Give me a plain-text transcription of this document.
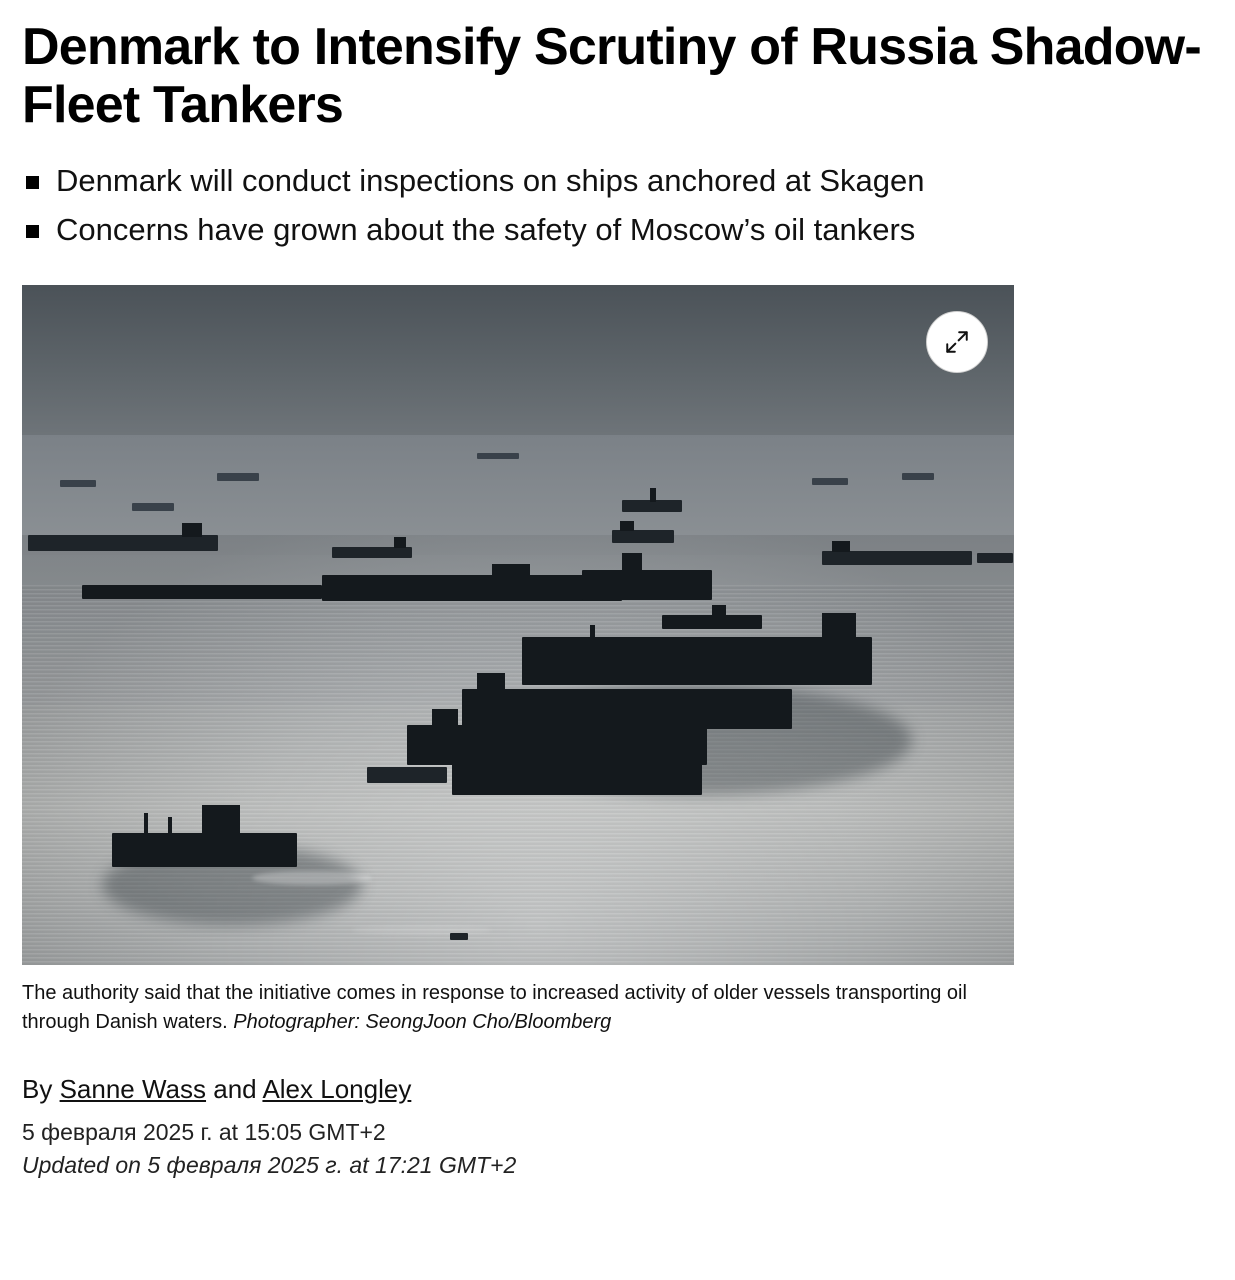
Denmark to Intensify Scrutiny of Russia Shadow-Fleet Tankers
Denmark will conduct inspections on ships anchored at Skagen
Concerns have grown about the safety of Moscow’s oil tankers
The authority said that the initiative comes in response to increased activity of older vessels transporting oil through Danish waters. Photographer: SeongJoon Cho/Bloomberg
By Sanne Wass and Alex Longley
5 февраля 2025 г. at 15:05 GMT+2
Updated on 5 февраля 2025 г. at 17:21 GMT+2
